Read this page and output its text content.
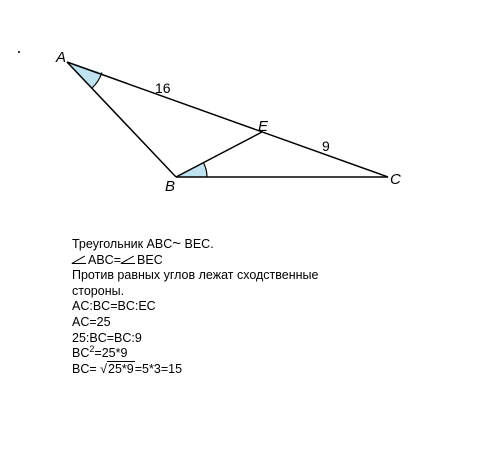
A
B	C
E
16
9
Треугольник ABC~ BEC.
ABC= BEC
Против равных углов лежат сходственные
стороны.
AC:BC=BC:EC
AC=25
25:BC=BC:9
$BC^2=25*9$
BC= √25*9=5*3=15
